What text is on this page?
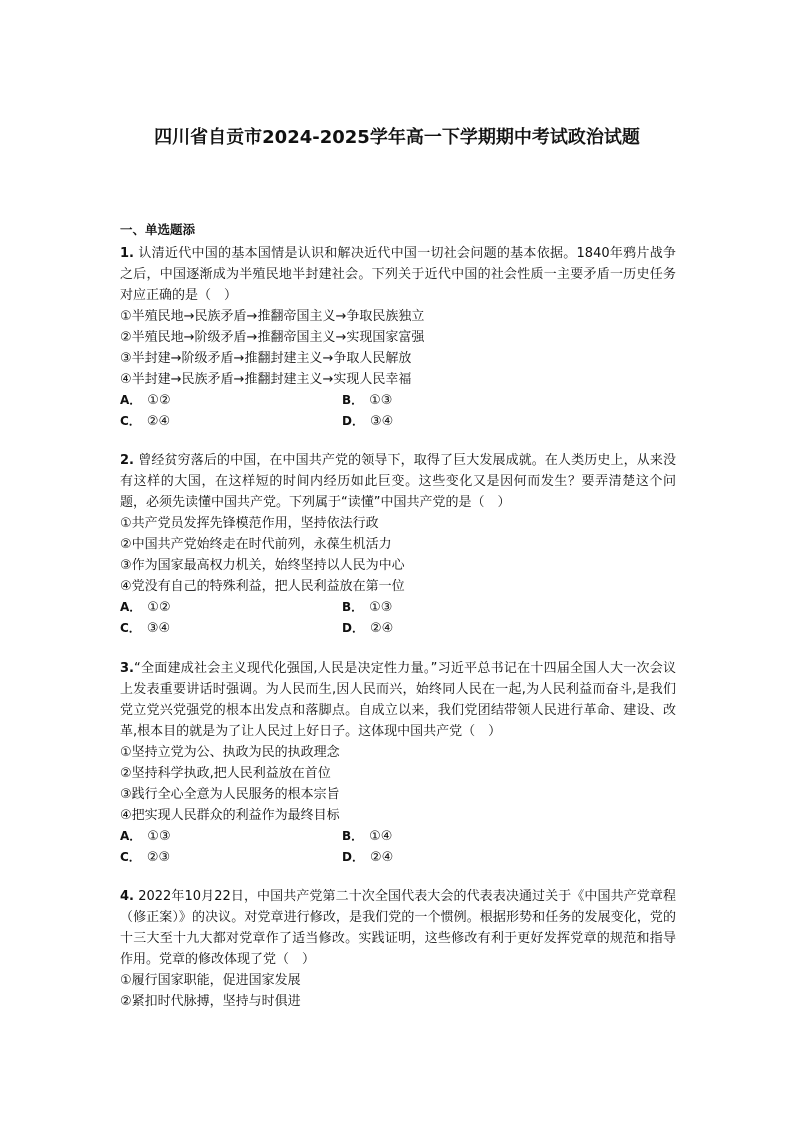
四川省自贡市2024-2025学年高一下学期期中考试政治试题
一、单选题添

1. 认清近代中国的基本国情是认识和解决近代中国一切社会问题的基本依据。1840年鸦片战争之后，中国逐渐成为半殖民地半封建社会。下列关于近代中国的社会性质一主要矛盾一历史任务对应正确的是（　）

①半殖民地→民族矛盾→推翻帝国主义→争取民族独立

②半殖民地→阶级矛盾→推翻帝国主义→实现国家富强

③半封建→阶级矛盾→推翻封建主义→争取人民解放

④半封建→民族矛盾→推翻封建主义→实现人民幸福

A． ①②	B． ①③
C． ②④	D． ③④

2. 曾经贫穷落后的中国，在中国共产党的领导下，取得了巨大发展成就。在人类历史上，从来没有这样的大国，在这样短的时间内经历如此巨变。这些变化又是因何而发生？要弄清楚这个问题，必须先读懂中国共产党。下列属于“读懂”中国共产党的是（　）

①共产党员发挥先锋模范作用，坚持依法行政

②中国共产党始终走在时代前列，永葆生机活力

③作为国家最高权力机关，始终坚持以人民为中心

④党没有自己的特殊利益，把人民利益放在第一位

A． ①②	B． ①③
C． ③④	D． ②④

3.“全面建成社会主义现代化强国,人民是决定性力量。”习近平总书记在十四届全国人大一次会议上发表重要讲话时强调。为人民而生,因人民而兴，始终同人民在一起,为人民利益而奋斗,是我们党立党兴党强党的根本出发点和落脚点。自成立以来，我们党团结带领人民进行革命、建设、改革,根本目的就是为了让人民过上好日子。这体现中国共产党（　）

①坚持立党为公、执政为民的执政理念

②坚持科学执政,把人民利益放在首位

③践行全心全意为人民服务的根本宗旨

④把实现人民群众的利益作为最终目标

A． ①③	B． ①④
C． ②③	D． ②④

4. 2022年10月22日，中国共产党第二十次全国代表大会的代表表决通过关于《中国共产党章程（修正案）》的决议。对党章进行修改，是我们党的一个惯例。根据形势和任务的发展变化，党的十三大至十九大都对党章作了适当修改。实践证明，这些修改有利于更好发挥党章的规范和指导作用。党章的修改体现了党（　）

①履行国家职能，促进国家发展

②紧扣时代脉搏，坚持与时俱进
